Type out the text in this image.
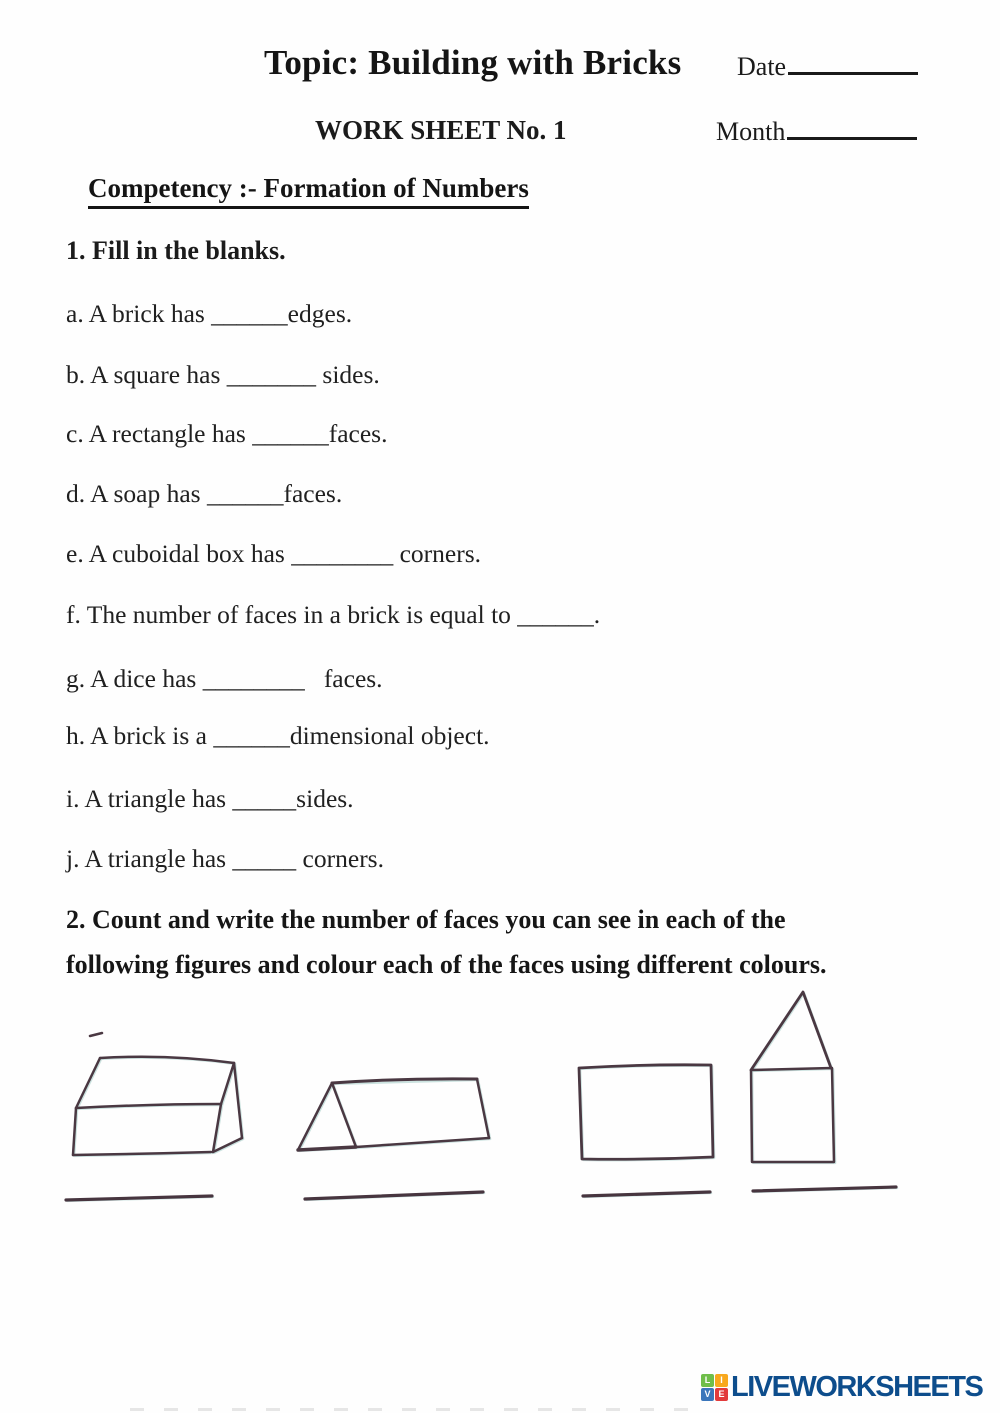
Topic: Building with Bricks Date
WORK SHEET No. 1	Month
Competency :- Formation of Numbers
1. Fill in the blanks.
a. A brick has ______edges.
b. A square has _______ sides.
c. A rectangle has ______faces.
d. A soap has ______faces.
e. A cuboidal box has ________ corners.
f. The number of faces in a brick is equal to ______.
g. A dice has ________   faces.
h. A brick is a ______dimensional object.
i. A triangle has _____sides.
j. A triangle has _____ corners.
2. Count and write the number of faces you can see in each of the following figures and colour each of the faces using different colours.
L	I
V E LIVEWORKSHEETS
